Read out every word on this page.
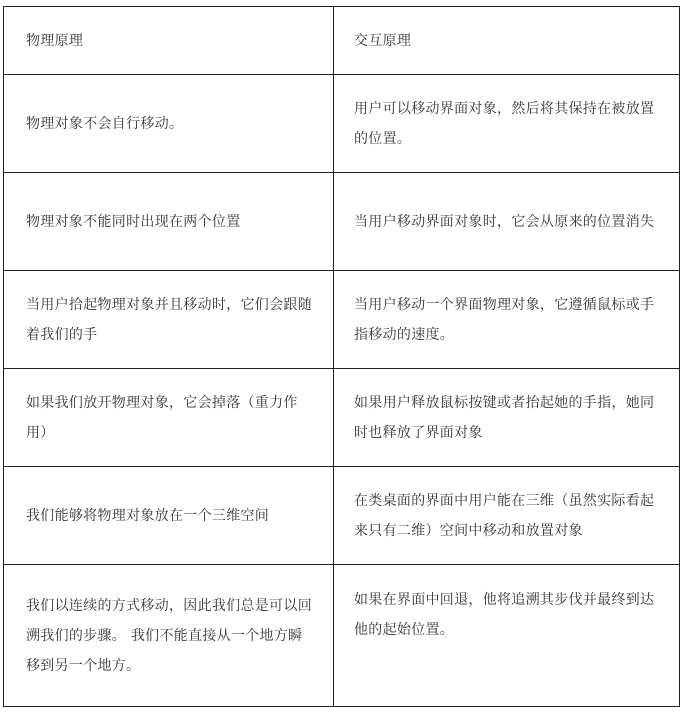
物理原理	交互原理
物理对象不会自行移动。	用户可以移动界面对象，然后将其保持在被放置的位置。
物理对象不能同时出现在两个位置	当用户移动界面对象时，它会从原来的位置消失
当用户拾起物理对象并且移动时，它们会跟随着我们的手	当用户移动一个界面物理对象，它遵循鼠标或手指移动的速度。
如果我们放开物理对象，它会掉落（重力作用）	如果用户释放鼠标按键或者抬起她的手指，她同时也释放了界面对象
我们能够将物理对象放在一个三维空间	在类桌面的界面中用户能在三维（虽然实际看起来只有二维）空间中移动和放置对象
我们以连续的方式移动，因此我们总是可以回溯我们的步骤。 我们不能直接从一个地方瞬移到另一个地方。	如果在界面中回退，他将追溯其步伐并最终到达他的起始位置。
